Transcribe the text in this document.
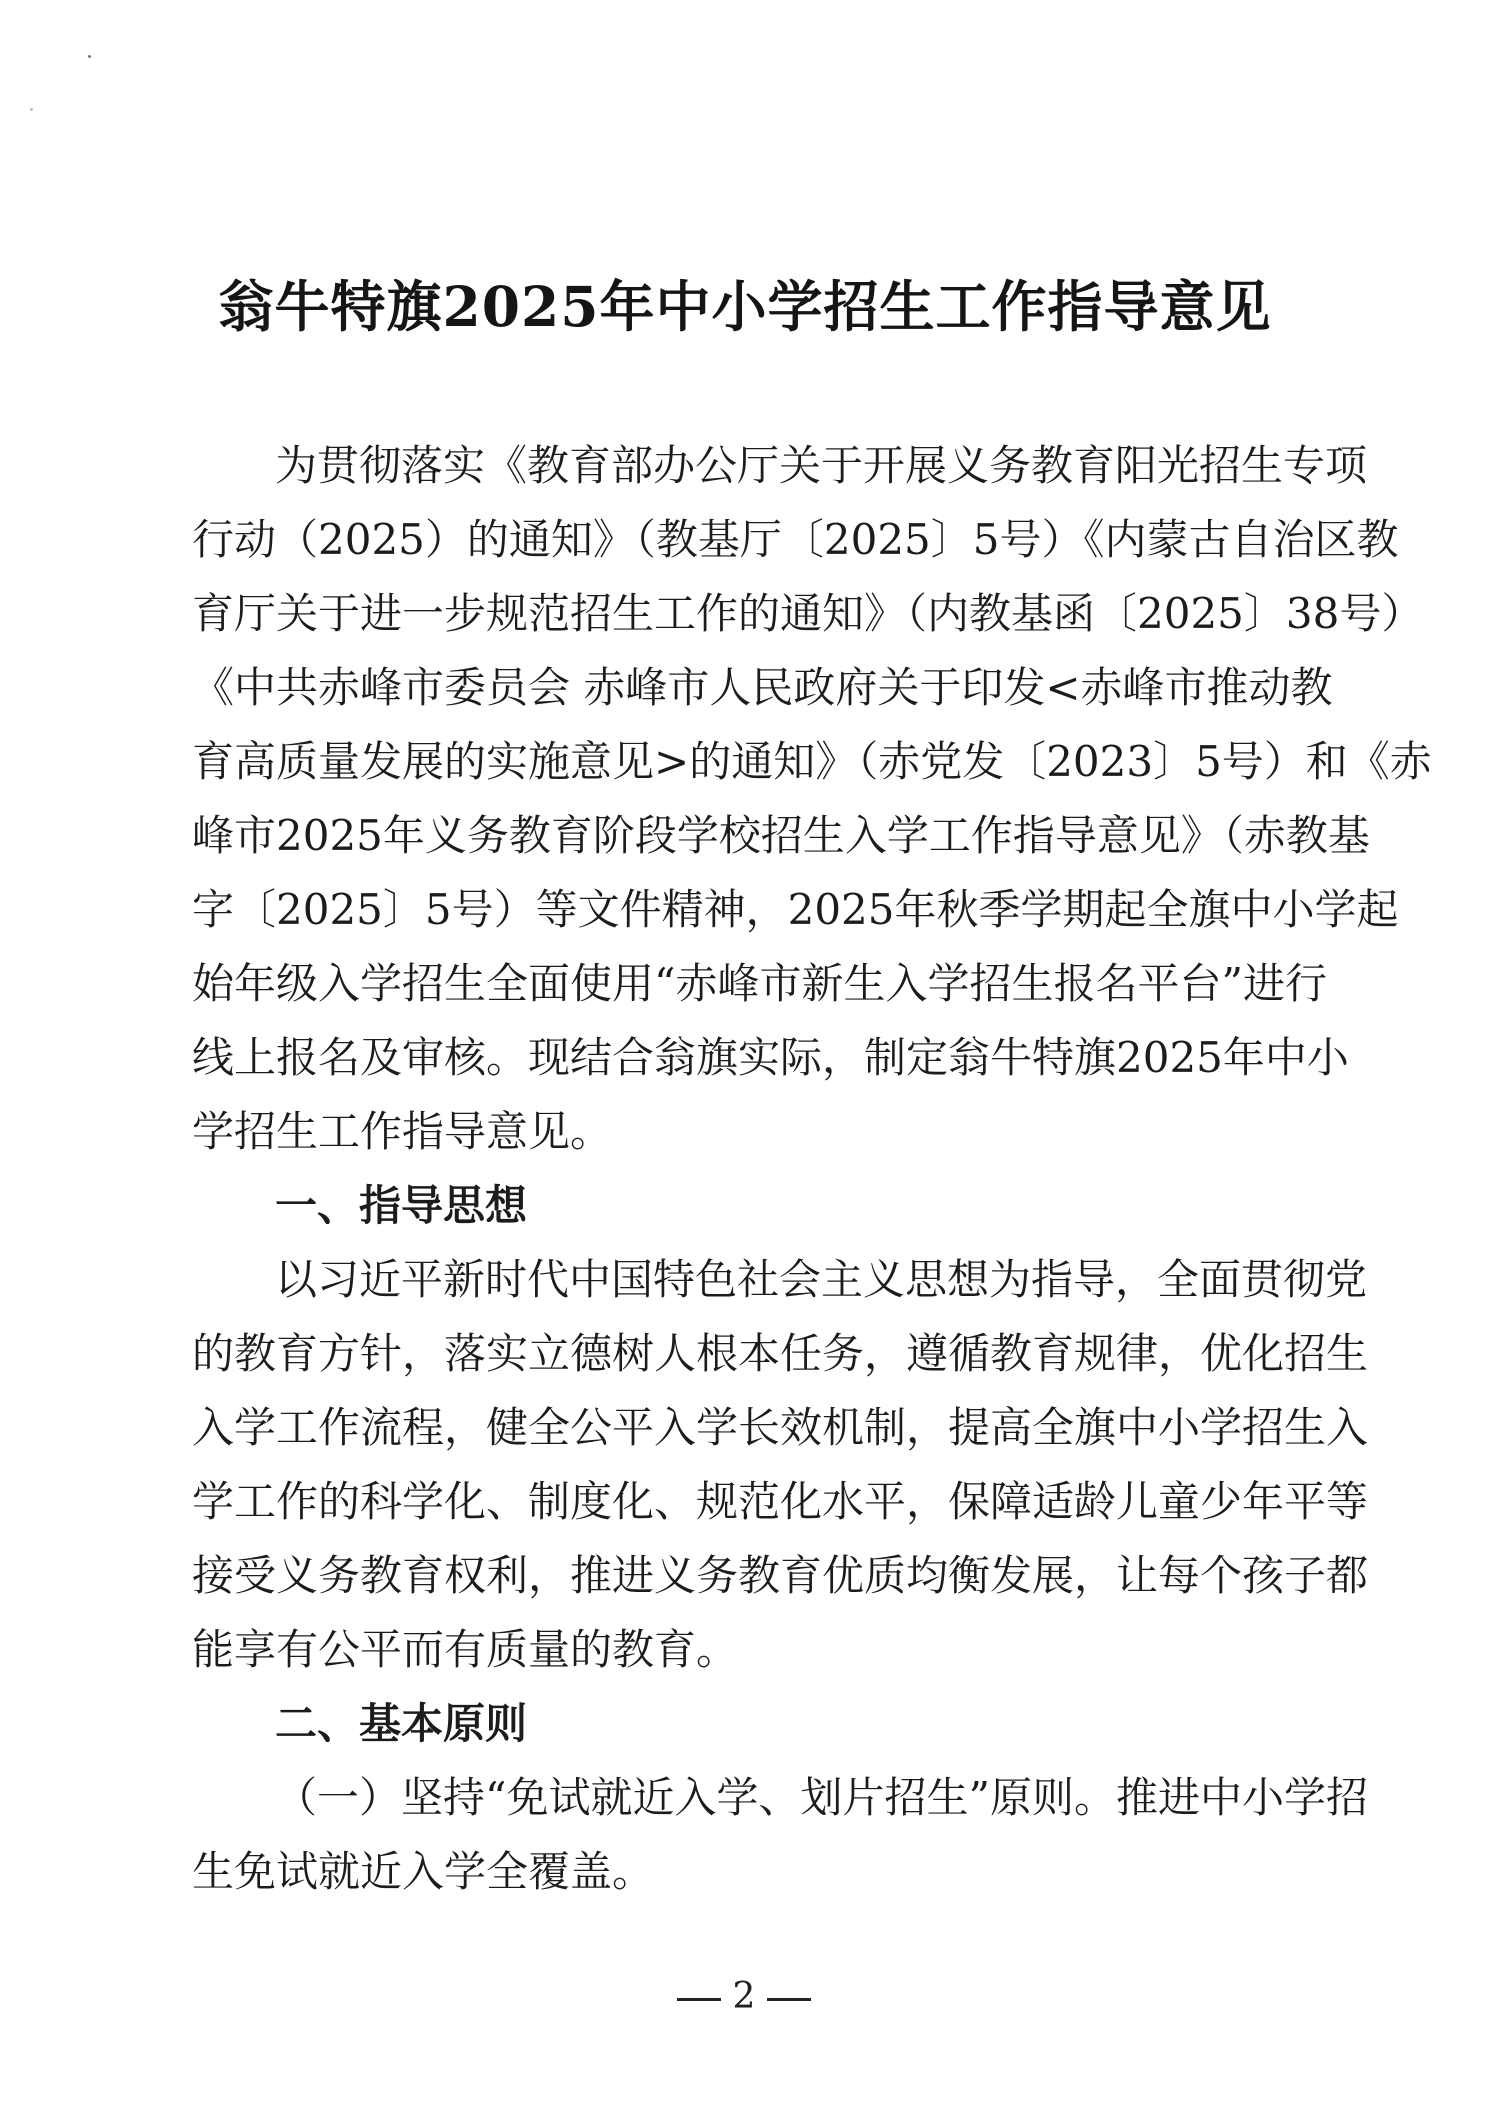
翁牛特旗2025年中小学招生工作指导意见

为贯彻落实《教育部办公厅关于开展义务教育阳光招生专项

行动（2025）的通知》（教基厅〔2025〕5号）《内蒙古自治区教

育厅关于进一步规范招生工作的通知》（内教基函〔2025〕38号）

《中共赤峰市委员会 赤峰市人民政府关于印发<赤峰市推动教

育高质量发展的实施意见>的通知》（赤党发〔2023〕5号）和《赤

峰市2025年义务教育阶段学校招生入学工作指导意见》（赤教基

字〔2025〕5号）等文件精神，2025年秋季学期起全旗中小学起

始年级入学招生全面使用“赤峰市新生入学招生报名平台”进行

线上报名及审核。现结合翁旗实际，制定翁牛特旗2025年中小

学招生工作指导意见。

一、指导思想

以习近平新时代中国特色社会主义思想为指导，全面贯彻党

的教育方针，落实立德树人根本任务，遵循教育规律，优化招生

入学工作流程，健全公平入学长效机制，提高全旗中小学招生入

学工作的科学化、制度化、规范化水平，保障适龄儿童少年平等

接受义务教育权利，推进义务教育优质均衡发展，让每个孩子都

能享有公平而有质量的教育。

二、基本原则

（一）坚持“免试就近入学、划片招生”原则。推进中小学招

生免试就近入学全覆盖。

2
